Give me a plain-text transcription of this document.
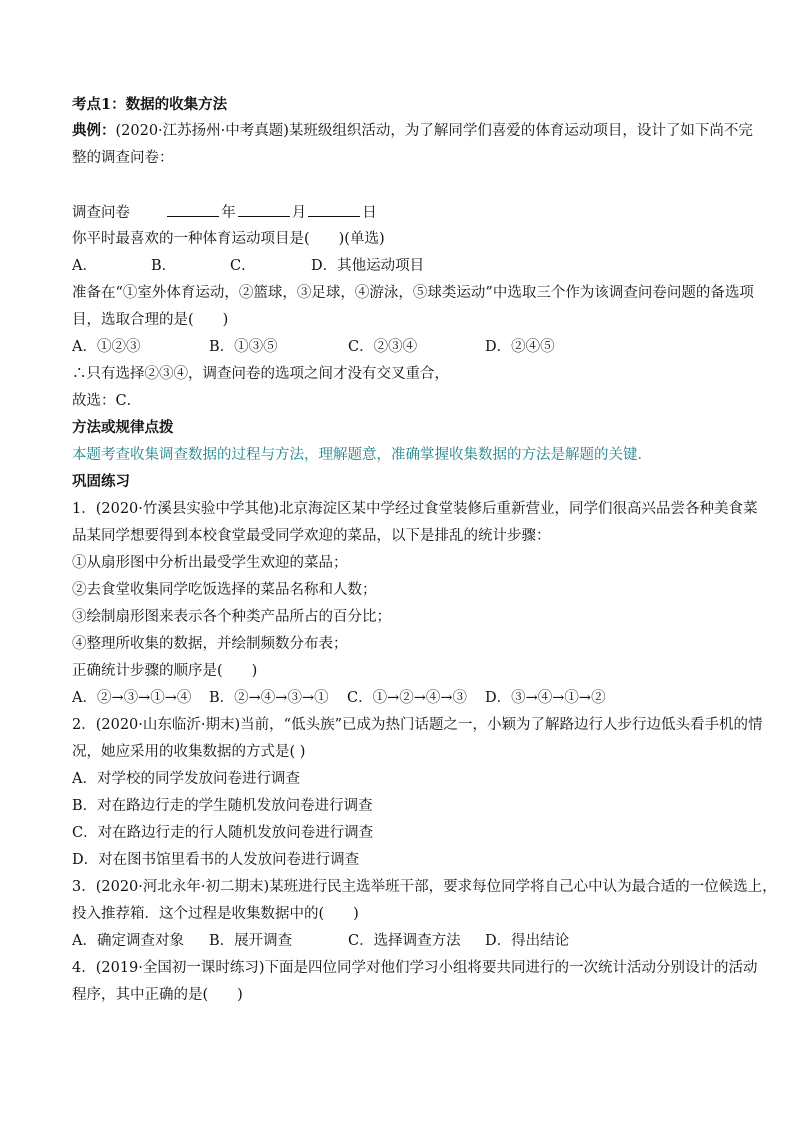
考点1：数据的收集方法
典例：(2020·江苏扬州·中考真题)某班级组织活动，为了解同学们喜爱的体育运动项目，设计了如下尚不完
整的调查问卷：
调查问卷	年	月	日
你平时最喜欢的一种体育运动项目是(　　)(单选)
A．	B．	C．	D．其他运动项目
准备在“①室外体育运动，②篮球，③足球，④游泳，⑤球类运动”中选取三个作为该调查问卷问题的备选项
目，选取合理的是(　　)
A．①②③	B．①③⑤	C．②③④	D．②④⑤
∴只有选择②③④，调查问卷的选项之间才没有交叉重合，
故选：C．
方法或规律点拨
本题考查收集调查数据的过程与方法，理解题意，准确掌握收集数据的方法是解题的关键．
巩固练习
1．(2020·竹溪县实验中学其他)北京海淀区某中学经过食堂装修后重新营业，同学们很高兴品尝各种美食菜
品某同学想要得到本校食堂最受同学欢迎的菜品，以下是排乱的统计步骤：
①从扇形图中分析出最受学生欢迎的菜品；
②去食堂收集同学吃饭选择的菜品名称和人数；
③绘制扇形图来表示各个种类产品所占的百分比；
④整理所收集的数据，并绘制频数分布表；
正确统计步骤的顺序是(　　)
A．②→③→①→④ B．②→④→③→① C．①→②→④→③ D．③→④→①→②
2．(2020·山东临沂·期末)当前，“低头族”已成为热门话题之一，小颖为了解路边行人步行边低头看手机的情
况，她应采用的收集数据的方式是( )
A．对学校的同学发放问卷进行调查
B．对在路边行走的学生随机发放问卷进行调查
C．对在路边行走的行人随机发放问卷进行调查
D．对在图书馆里看书的人发放问卷进行调查
3．(2020·河北永年·初二期末)某班进行民主选举班干部，要求每位同学将自己心中认为最合适的一位候选上，
投入推荐箱．这个过程是收集数据中的(　　)
A．确定调查对象 B．展开调查	C．选择调查方法 D．得出结论
4．(2019·全国初一课时练习)下面是四位同学对他们学习小组将要共同进行的一次统计活动分别设计的活动
程序，其中正确的是(　　)
